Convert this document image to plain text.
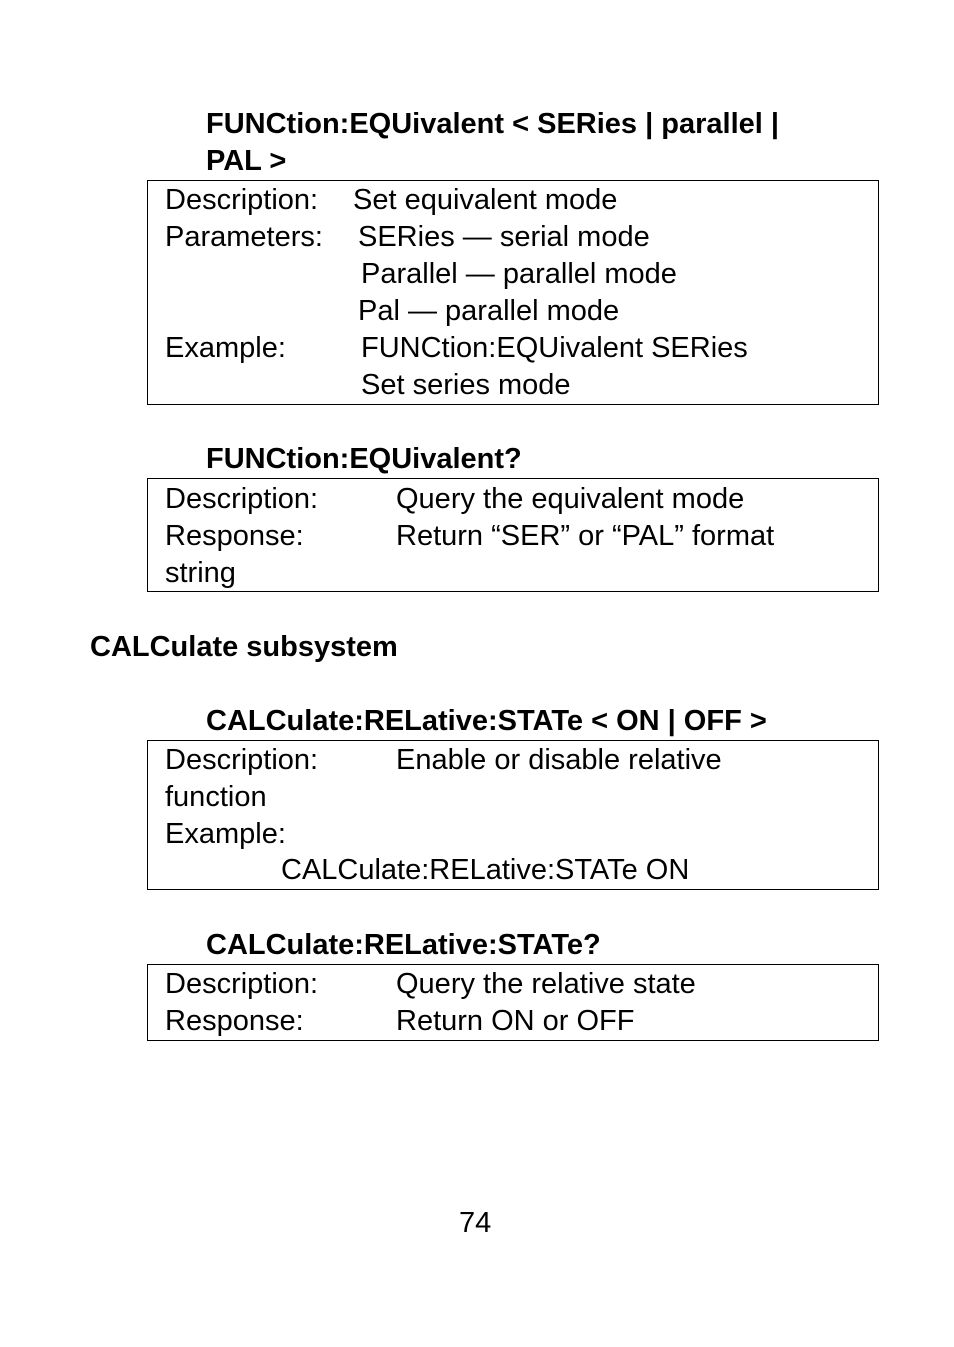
FUNCtion:EQUivalent < SERies | parallel |
PAL >
Description: Set equivalent mode
Parameters: SERies — serial mode
Parallel — parallel mode
Pal — parallel mode
Example:	FUNCtion:EQUivalent SERies
Set series mode
FUNCtion:EQUivalent?
Description:	Query the equivalent mode
Response:	Return “SER” or “PAL” format
string
CALCulate subsystem
CALCulate:RELative:STATe < ON | OFF >
Description:	Enable or disable relative
function
Example:
CALCulate:RELative:STATe ON
CALCulate:RELative:STATe?
Description:	Query the relative state
Response:	Return ON or OFF
74
